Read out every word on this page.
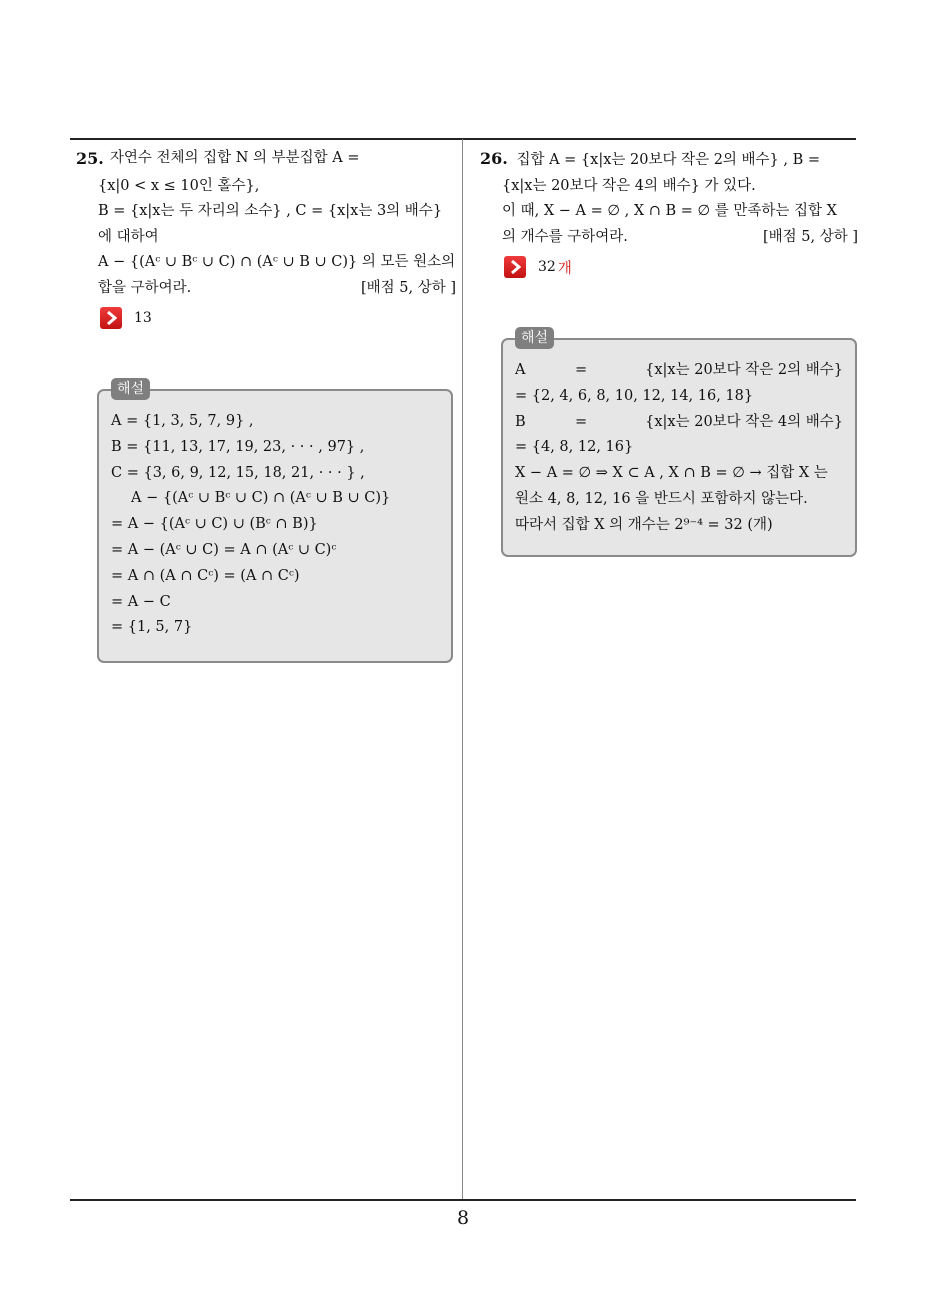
25. 자연수 전체의 집합 N 의 부분집합 A =
{x|0 < x ≤ 10인 홀수},
B = {x|x는 두 자리의 소수} , C = {x|x는 3의 배수}
에 대하여
A − {(Aᶜ ∪ Bᶜ ∪ C) ∩ (Aᶜ ∪ B ∪ C)} 의 모든 원소의
합을 구하여라.	[배점 5, 상하 ]
13
해설
A = {1, 3, 5, 7, 9} ,
B = {11, 13, 17, 19, 23, · · · , 97} ,
C = {3, 6, 9, 12, 15, 18, 21, · · · } ,
A − {(Aᶜ ∪ Bᶜ ∪ C) ∩ (Aᶜ ∪ B ∪ C)}
= A − {(Aᶜ ∪ C) ∪ (Bᶜ ∩ B)}
= A − (Aᶜ ∪ C) = A ∩ (Aᶜ ∪ C)ᶜ
= A ∩ (A ∩ Cᶜ) = (A ∩ Cᶜ)
= A − C
= {1, 5, 7}
26. 집합 A = {x|x는 20보다 작은 2의 배수} , B =
{x|x는 20보다 작은 4의 배수} 가 있다.
이 때, X − A = ∅ , X ∩ B = ∅ 를 만족하는 집합 X
의 개수를 구하여라.	[배점 5, 상하 ]
32 개
해설
A	=	{x|x는 20보다 작은 2의 배수}
= {2, 4, 6, 8, 10, 12, 14, 16, 18}
B	=	{x|x는 20보다 작은 4의 배수}
= {4, 8, 12, 16}
X − A = ∅ ⇒ X ⊂ A , X ∩ B = ∅ → 집합 X 는
원소 4, 8, 12, 16 을 반드시 포함하지 않는다.
따라서 집합 X 의 개수는 2⁹⁻⁴ = 32 (개)
8
